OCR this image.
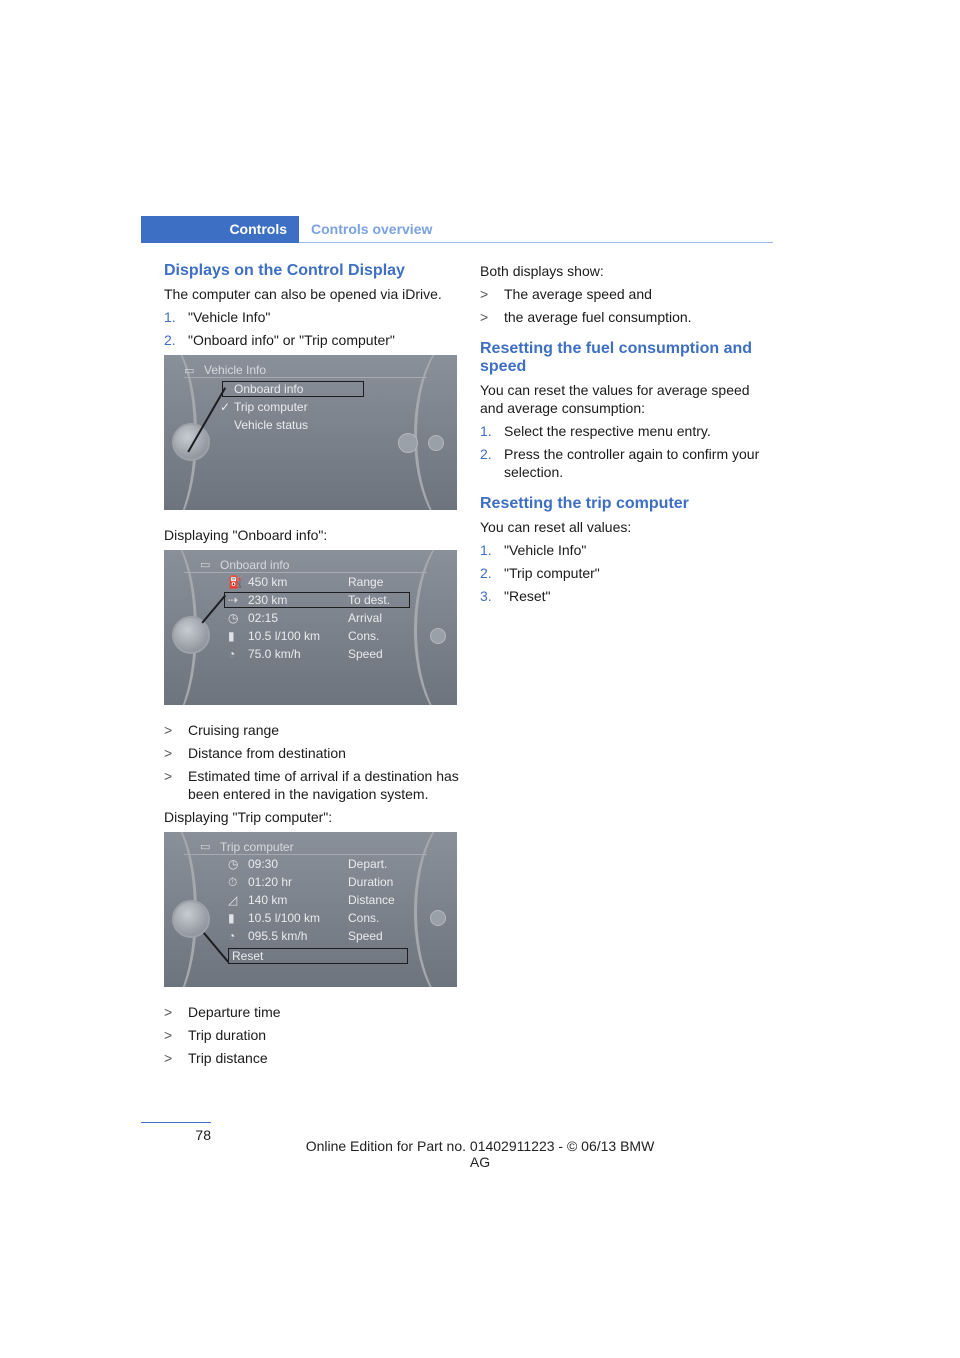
Controls	Controls overview
Displays on the Control Display

The computer can also be opened via iDrive.

1. "Vehicle Info"
2. "Onboard info" or "Trip computer"
▭ Vehicle Info
Onboard info
✓ Trip computer
Vehicle status

Displaying "Onboard info":

▭ Onboard info
⛽ 450 km	Range
⇢ 230 km	To dest.
◷ 02:15	Arrival
▮ 10.5 l/100 km Cons.
◔ 75.0 km/h	Speed
> Cruising range
> Distance from destination
> Estimated time of arrival if a destination has been entered in the navigation system.

Displaying "Trip computer":

▭ Trip computer
◷ 09:30	Depart.
⏱ 01:20 hr	Duration
◿ 140 km	Distance
▮ 10.5 l/100 km Cons.
◔ 095.5 km/h	Speed
Reset
> Departure time
> Trip duration
> Trip distance

Both displays show:

> The average speed and
> the average fuel consumption.
Resetting the fuel consumption and speed

You can reset the values for average speed and average consumption:

1. Select the respective menu entry.
2. Press the controller again to confirm your selection.
Resetting the trip computer

You can reset all values:

1. "Vehicle Info"
2. "Trip computer"
3. "Reset"
78
Online Edition for Part no. 01402911223 - © 06/13 BMW AG
